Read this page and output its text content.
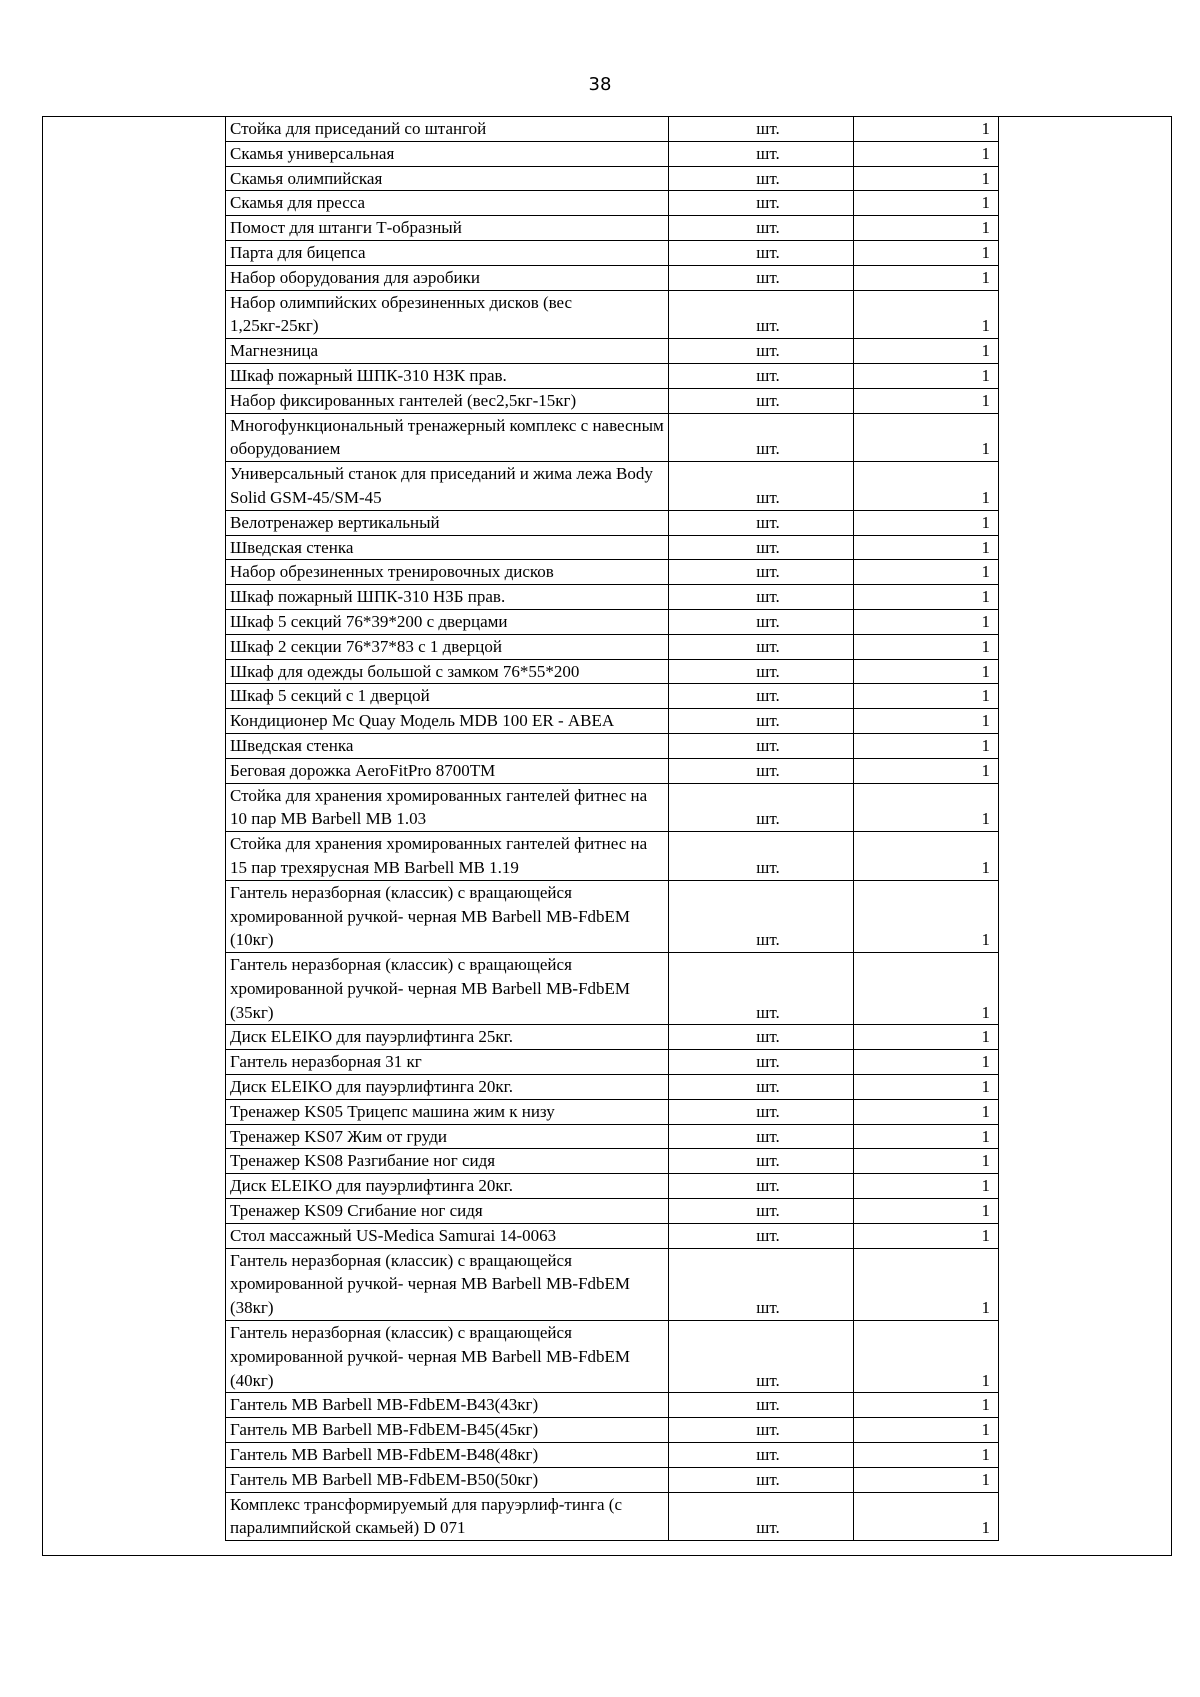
38
Стойка для приседаний со штангой	шт.	1
Скамья универсальная	шт.	1
Скамья олимпийская	шт.	1
Скамья для пресса	шт.	1
Помост для штанги Т-образный	шт.	1
Парта для бицепса	шт.	1
Набор оборудования для аэробики	шт.	1
Набор олимпийских обрезиненных дисков (вес 1,25кг-25кг)	шт.	1
Магнезница	шт.	1
Шкаф пожарный ШПК-310 НЗК прав.	шт.	1
Набор фиксированных гантелей (вес2,5кг-15кг)	шт.	1
Многофункциональный тренажерный комплекс с навесным оборудованием	шт.	1
Универсальный станок для приседаний и жима лежа Body Solid GSM-45/SM-45	шт.	1
Велотренажер вертикальный	шт.	1
Шведская стенка	шт.	1
Набор обрезиненных тренировочных дисков	шт.	1
Шкаф пожарный ШПК-310 НЗБ прав.	шт.	1
Шкаф 5 секций 76*39*200 с дверцами	шт.	1
Шкаф 2 секции 76*37*83 с 1 дверцой	шт.	1
Шкаф для одежды большой с замком 76*55*200	шт.	1
Шкаф 5 секций с 1 дверцой	шт.	1
Кондиционер Mc Quay Модель MDB 100 ER - АВЕА	шт.	1
Шведская стенка	шт.	1
Беговая дорожка AeroFitPro 8700TM	шт.	1
Стойка для хранения хромированных гантелей фитнес на 10 пар MB Barbell MB 1.03	шт.	1
Стойка для хранения хромированных гантелей фитнес на 15 пар трехярусная MB Barbell MB 1.19	шт.	1
Гантель неразборная (классик) с вращающейся хромированной ручкой- черная MB Barbell MB-FdbEM (10кг)	шт.	1
Гантель неразборная (классик) с вращающейся хромированной ручкой- черная MB Barbell MB-FdbEM (35кг)	шт.	1
Диск ELEIKO для пауэрлифтинга 25кг.	шт.	1
Гантель неразборная 31 кг	шт.	1
Диск ELEIKO для пауэрлифтинга 20кг.	шт.	1
Тренажер KS05 Трицепс машина жим к низу	шт.	1
Тренажер KS07 Жим от груди	шт.	1
Тренажер KS08 Разгибание ног сидя	шт.	1
Диск ELEIKO для пауэрлифтинга 20кг.	шт.	1
Тренажер KS09 Сгибание ног сидя	шт.	1
Стол массажный US-Medica Samurai 14-0063	шт.	1
Гантель неразборная (классик) с вращающейся хромированной ручкой- черная MB Barbell MB-FdbEM (38кг)	шт.	1
Гантель неразборная (классик) с вращающейся хромированной ручкой- черная MB Barbell MB-FdbEM (40кг)	шт.	1
Гантель MB Barbell MB-FdbEM-B43(43кг)	шт.	1
Гантель MB Barbell MB-FdbEM-B45(45кг)	шт.	1
Гантель MB Barbell MB-FdbEM-B48(48кг)	шт.	1
Гантель MB Barbell MB-FdbEM-B50(50кг)	шт.	1
Комплекс трансформируемый для паруэрлиф-тинга (с паралимпийской скамьей) D 071	шт.	1
